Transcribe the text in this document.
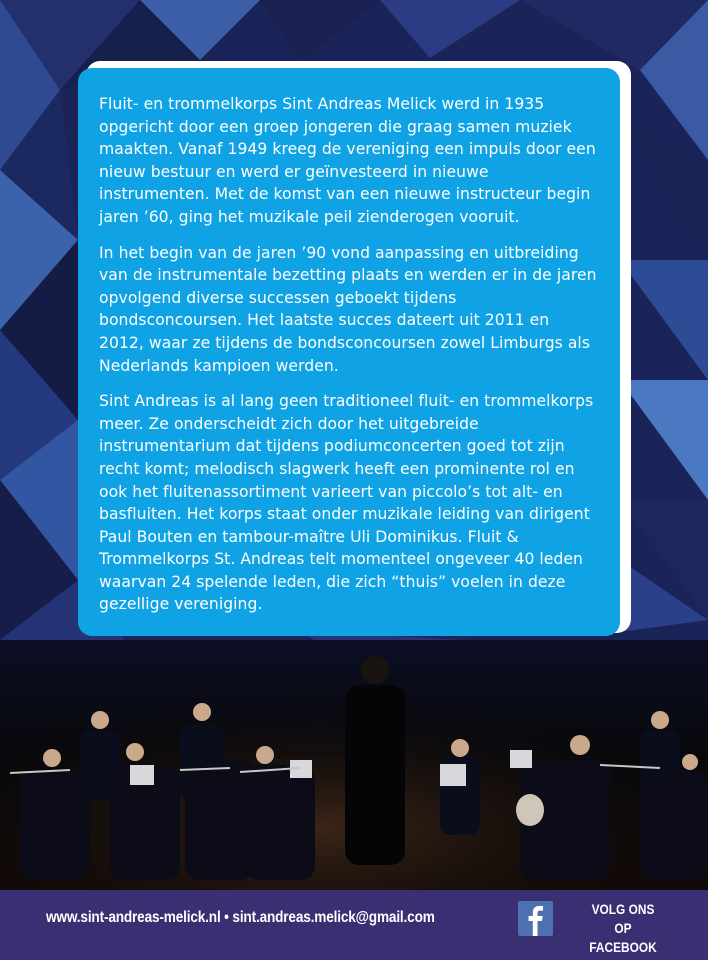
Fluit- en trommelkorps Sint Andreas Melick werd in 1935 opgericht door een groep jongeren die graag samen muziek maakten. Vanaf 1949 kreeg de vereniging een impuls door een nieuw bestuur en werd er geïnvesteerd in nieuwe instrumenten. Met de komst van een nieuwe instructeur begin jaren ’60, ging het muzikale peil zienderogen vooruit.

In het begin van de jaren ’90 vond aanpassing en uitbreiding van de instrumentale bezetting plaats en werden er in de jaren opvolgend diverse successen geboekt tijdens bondsconcoursen. Het laatste succes dateert uit 2011 en 2012, waar ze tijdens de bondsconcoursen zowel Limburgs als Nederlands kampioen werden.

Sint Andreas is al lang geen traditioneel fluit- en trommelkorps meer. Ze onderscheidt zich door het uitgebreide instrumentarium dat tijdens podiumconcerten goed tot zijn recht komt; melodisch slagwerk heeft een prominente rol en ook het fluitenassortiment varieert van piccolo’s tot alt- en basfluiten. Het korps staat onder muzikale leiding van dirigent Paul Bouten en tambour-maître Uli Dominikus. Fluit & Trommelkorps St. Andreas telt momenteel ongeveer 40 leden waarvan 24 spelende leden, die zich “thuis” voelen in deze gezellige vereniging.

www.sint-andreas-melick.nl • sint.andreas.melick@gmail.com	VOLG ONS
OP FACEBOOK
